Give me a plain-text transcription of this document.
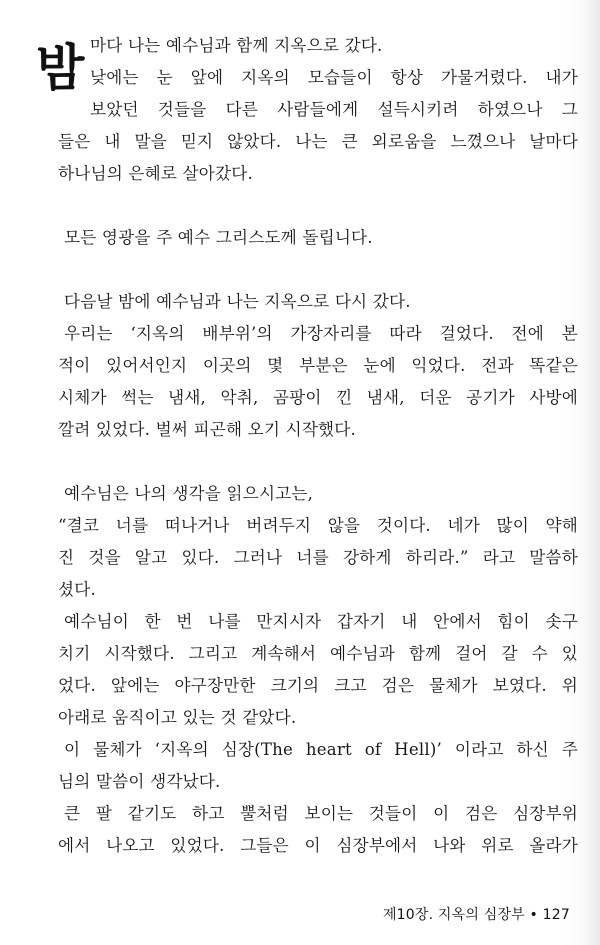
밤 마다 나는 예수님과 함께 지옥으로 갔다.
낮에는 눈 앞에 지옥의 모습들이 항상 가물거렸다. 내가
보았던 것들을 다른 사람들에게 설득시키려 하였으나 그
들은 내 말을 믿지 않았다. 나는 큰 외로움을 느꼈으나 날마다
하나님의 은혜로 살아갔다.
모든 영광을 주 예수 그리스도께 돌립니다.
다음날 밤에 예수님과 나는 지옥으로 다시 갔다.
우리는 ‘지옥의 배부위’의 가장자리를 따라 걸었다. 전에 본
적이 있어서인지 이곳의 몇 부분은 눈에 익었다. 전과 똑같은
시체가 썩는 냄새, 악취, 곰팡이 낀 냄새, 더운 공기가 사방에
깔려 있었다. 벌써 피곤해 오기 시작했다.
예수님은 나의 생각을 읽으시고는,
“결코 너를 떠나거나 버려두지 않을 것이다. 네가 많이 약해
진 것을 알고 있다. 그러나 너를 강하게 하리라.” 라고 말씀하
셨다.
예수님이 한 번 나를 만지시자 갑자기 내 안에서 힘이 솟구
치기 시작했다. 그리고 계속해서 예수님과 함께 걸어 갈 수 있
었다. 앞에는 야구장만한 크기의 크고 검은 물체가 보였다. 위
아래로 움직이고 있는 것 같았다.
이 물체가 ‘지옥의 심장(The heart of Hell)’ 이라고 하신 주
님의 말씀이 생각났다.
큰 팔 같기도 하고 뿔처럼 보이는 것들이 이 검은 심장부위
에서 나오고 있었다. 그들은 이 심장부에서 나와 위로 올라가
제10장. 지옥의 심장부 • 127
